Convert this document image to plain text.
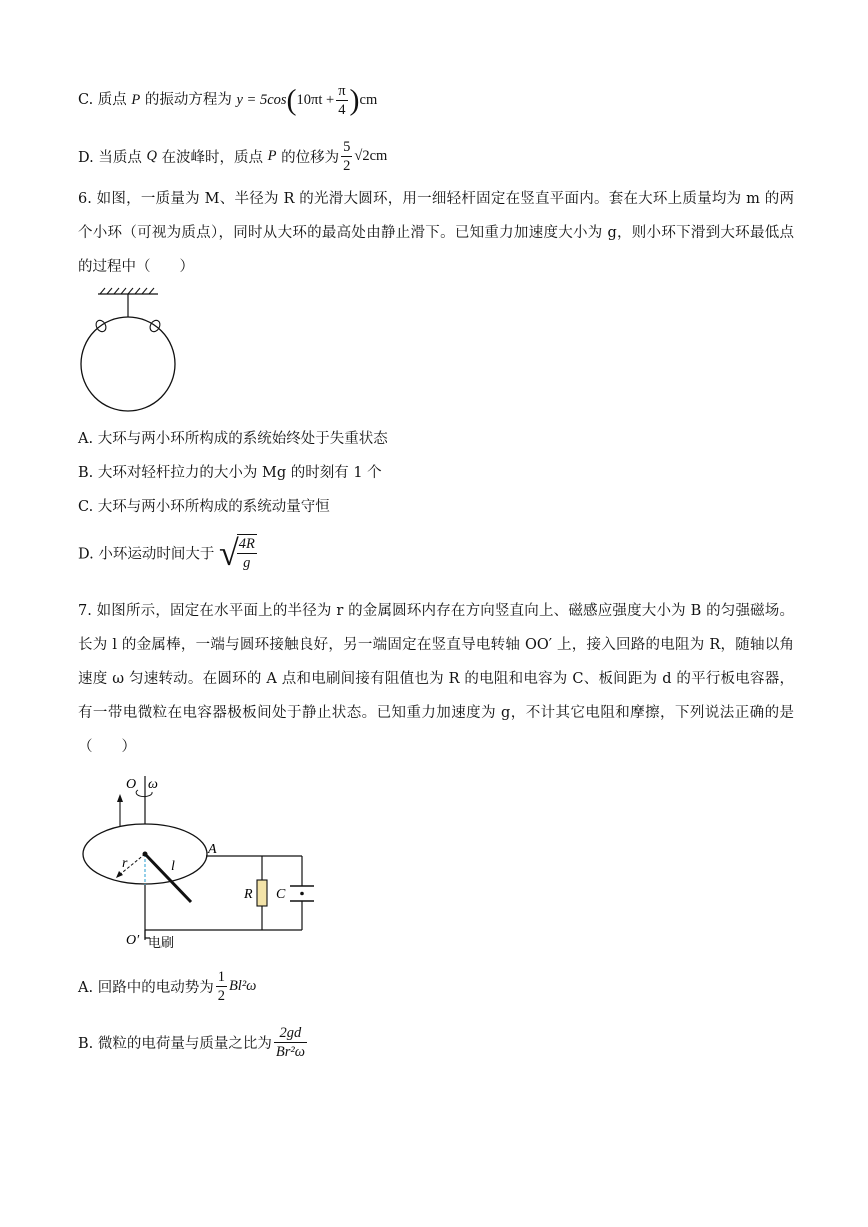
C. 质点 P 的振动方程为 $y = 5\cos(10\pi t + \frac{\pi}{4} )cm$
D. 当质点 Q 在波峰时，质点 P 的位移为 $\frac{5}{2} √2cm$
6. 如图，一质量为 M、半径为 R 的光滑大圆环，用一细轻杆固定在竖直平面内。套在大环上质量均为 m 的两个小环（可视为质点），同时从大环的最高处由静止滑下。已知重力加速度大小为 g，则小环下滑到大环最低点的过程中（　　）
A. 大环与两小环所构成的系统始终处于失重状态
B. 大环对轻杆拉力的大小为 Mg 的时刻有 1 个
C. 大环与两小环所构成的系统动量守恒
D. 小环运动时间大于 √
$\frac{4R}{g}$
7. 如图所示，固定在水平面上的半径为 r 的金属圆环内存在方向竖直向上、磁感应强度大小为 B 的匀强磁场。长为 l 的金属棒，一端与圆环接触良好，另一端固定在竖直导电转轴 OO′ 上，接入回路的电阻为 R，随轴以角速度 ω 匀速转动。在圆环的 A 点和电刷间接有阻值也为 R 的电阻和电容为 C、板间距为 d 的平行板电容器，有一带电微粒在电容器极板间处于静止状态。已知重力加速度为 g，不计其它电阻和摩擦，下列说法正确的是（　　）
O ω
r	l
A
R C
O′ 电刷
A. 回路中的电动势为 $\frac{1}{2} Bl^2\omega$
B. 微粒的电荷量与质量之比为 $\frac{2gd}{\text{Br²ω}}$
